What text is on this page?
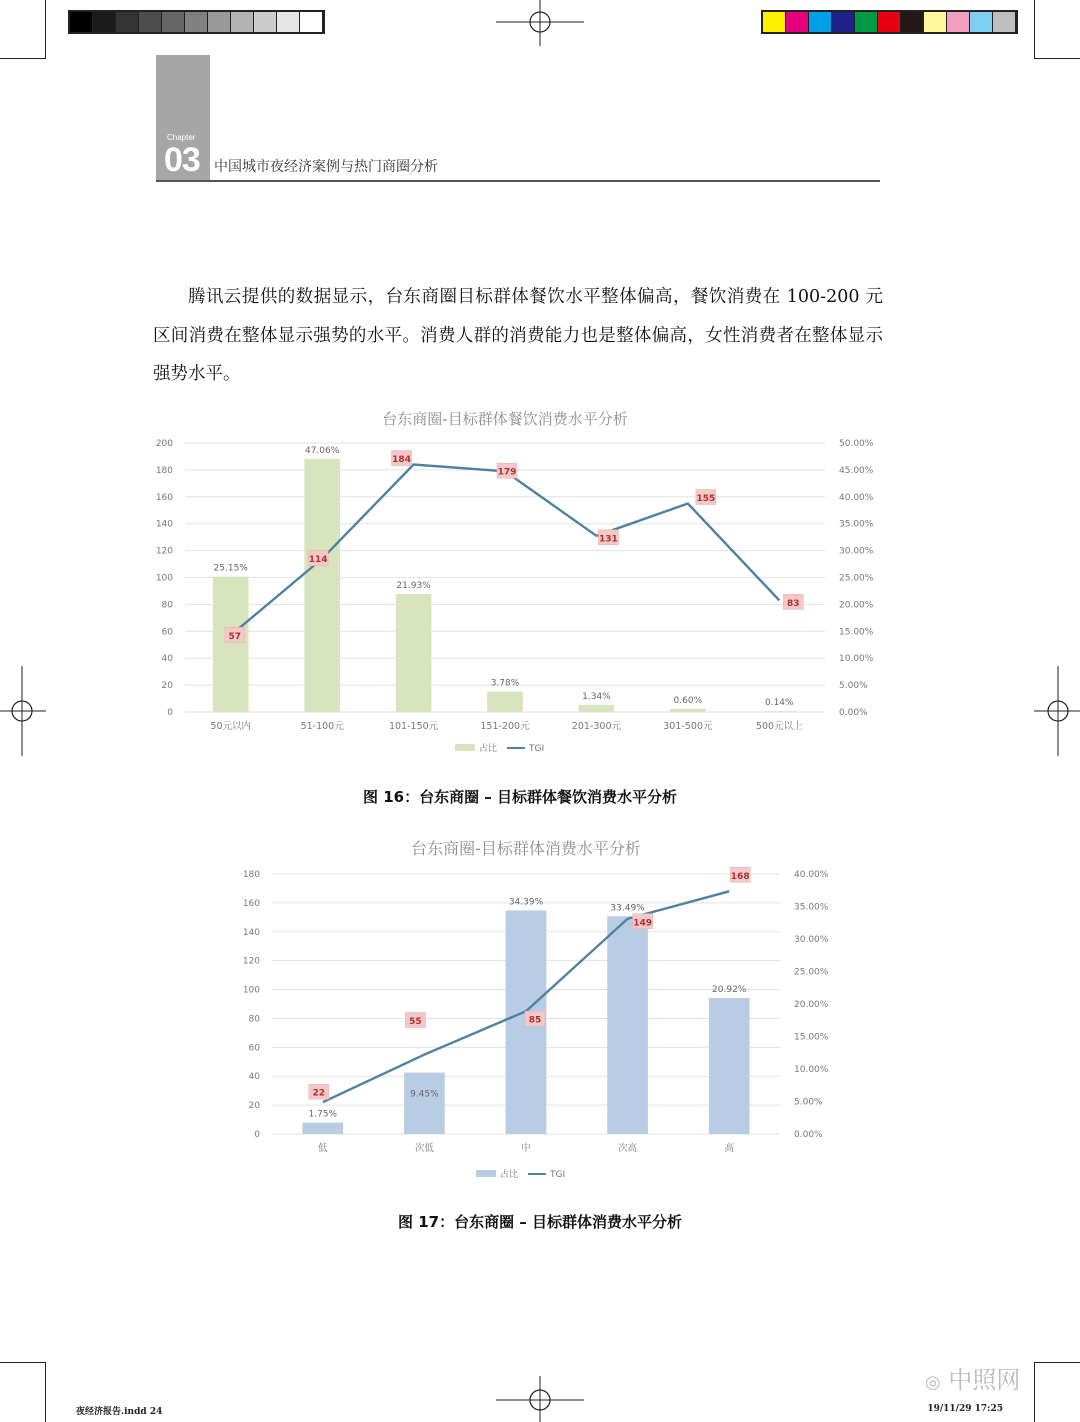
Chapter
03 中国城市夜经济案例与热门商圈分析
腾讯云提供的数据显示，台东商圈目标群体餐饮水平整体偏高，餐饮消费在 100-200 元区间消费在整体显示强势的水平。消费人群的消费能力也是整体偏高，女性消费者在整体显示强势水平。
台东商圈-目标群体餐饮消费水平分析
0
20
40
60
80
100
120
140
160
180
200
0.00%
5.00%
10.00%
15.00%
20.00%
25.00%
30.00%
35.00%
40.00%
45.00%
50.00%
25.15%
47.06%
21.93%
3.78%
1.34%	0.60%	0.14%
50元以内	51-100元	101-150元	151-200元	201-300元	301-500元	500元以上
57
114
184
179
131
155
83
占比	TGI
图 16：台东商圈 – 目标群体餐饮消费水平分析
台东商圈-目标群体消费水平分析
0
20
40
60
80
100
120
140
160
180
0.00%
5.00%
10.00%
15.00%
20.00%
25.00%
30.00%
35.00%
40.00%
1.75%
9.45%
34.39%
33.49%
20.92%
低	次低	中	次高	高
22
55	85
149
168
占比	TGI
图 17：台东商圈 – 目标群体消费水平分析
◎ 中照网
夜经济报告.indd 24	19/11/29 17:25
